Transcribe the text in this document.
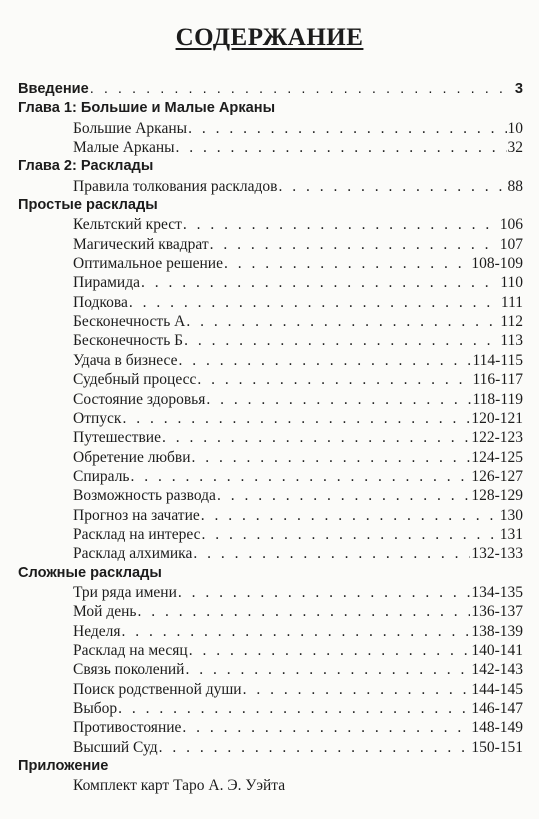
СОДЕРЖАНИЕ
Введение . . .	3
Глава 1: Большие и Малые Арканы
Большие Арканы . . .	10
Малые Арканы . . .	32
Глава 2: Расклады
Правила толкования раскладов . . .	88
Простые расклады
Кельтский крест . . .	106
Магический квадрат . . .	107
Оптимальное решение . . .	108-109
Пирамида . . .	110
Подкова . . .	111
Бесконечность А . . .	112
Бесконечность Б . . .	113
Удача в бизнесе . . .	114-115
Судебный процесс . . .	116-117
Состояние здоровья . . .	118-119
Отпуск . . .	120-121
Путешествие . . .	122-123
Обретение любви . . .	124-125
Спираль . . .	126-127
Возможность развода . . .	128-129
Прогноз на зачатие . . .	130
Расклад на интерес . . .	131
Расклад алхимика . . .	132-133
Сложные расклады
Три ряда имени . . .	134-135
Мой день . . .	136-137
Неделя . . .	138-139
Расклад на месяц . . .	140-141
Связь поколений . . .	142-143
Поиск родственной души . . .	144-145
Выбор . . .	146-147
Противостояние . . .	148-149
Высший Суд . . .	150-151
Приложение
Комплект карт Таро А. Э. Уэйта
